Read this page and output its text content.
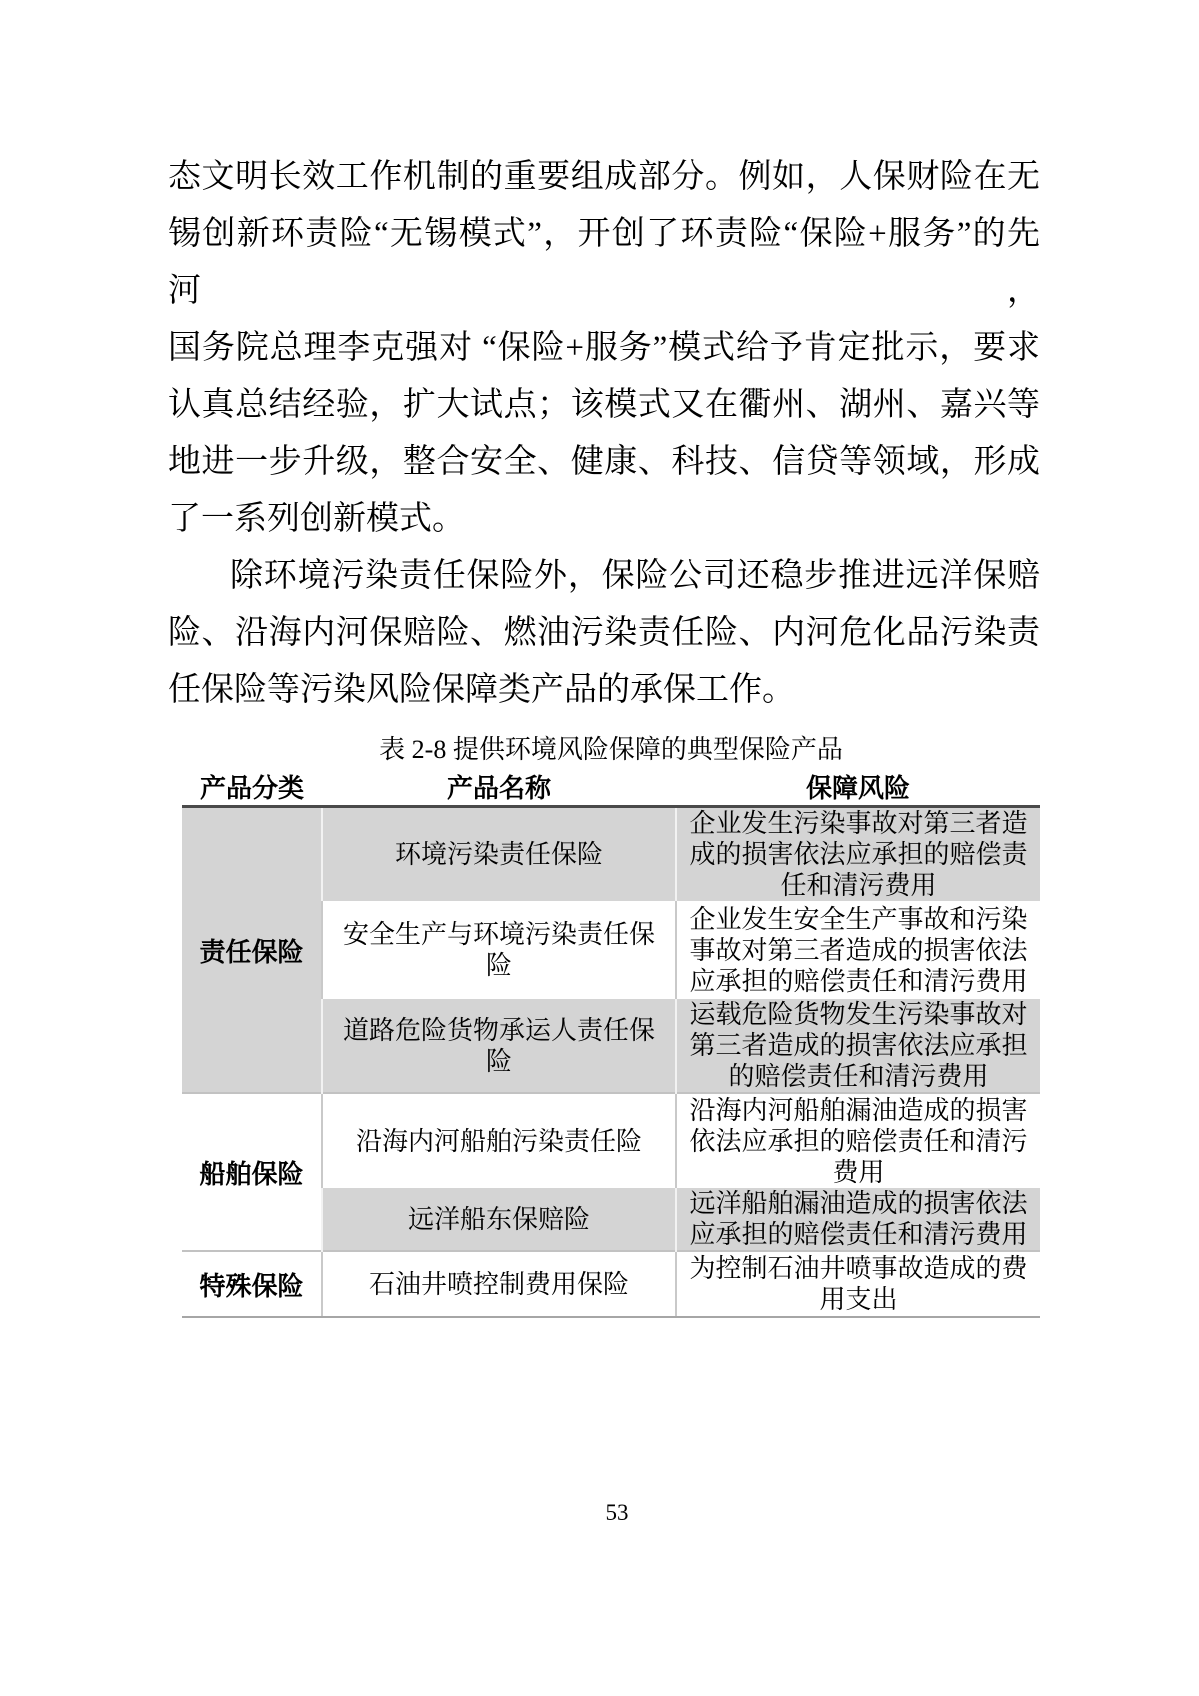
态文明长效工作机制的重要组成部分。例如，人保财险在无
锡创新环责险“无锡模式”，开创了环责险“保险+服务”的先河，
国务院总理李克强对 “保险+服务”模式给予肯定批示，要求
认真总结经验，扩大试点；该模式又在衢州、湖州、嘉兴等
地进一步升级，整合安全、健康、科技、信贷等领域，形成
了一系列创新模式。
除环境污染责任保险外，保险公司还稳步推进远洋保赔
险、沿海内河保赔险、燃油污染责任险、内河危化品污染责
任保险等污染风险保障类产品的承保工作。
表 2-8 提供环境风险保障的典型保险产品
产品分类	产品名称	保障风险
责任保险	环境污染责任保险	企业发生污染事故对第三者造成的损害依法应承担的赔偿责任和清污费用
	安全生产与环境污染责任保险	企业发生安全生产事故和污染事故对第三者造成的损害依法应承担的赔偿责任和清污费用
	道路危险货物承运人责任保险	运载危险货物发生污染事故对第三者造成的损害依法应承担的赔偿责任和清污费用
船舶保险	沿海内河船舶污染责任险	沿海内河船舶漏油造成的损害依法应承担的赔偿责任和清污费用
	远洋船东保赔险	远洋船舶漏油造成的损害依法应承担的赔偿责任和清污费用
特殊保险	石油井喷控制费用保险	为控制石油井喷事故造成的费用支出
53
